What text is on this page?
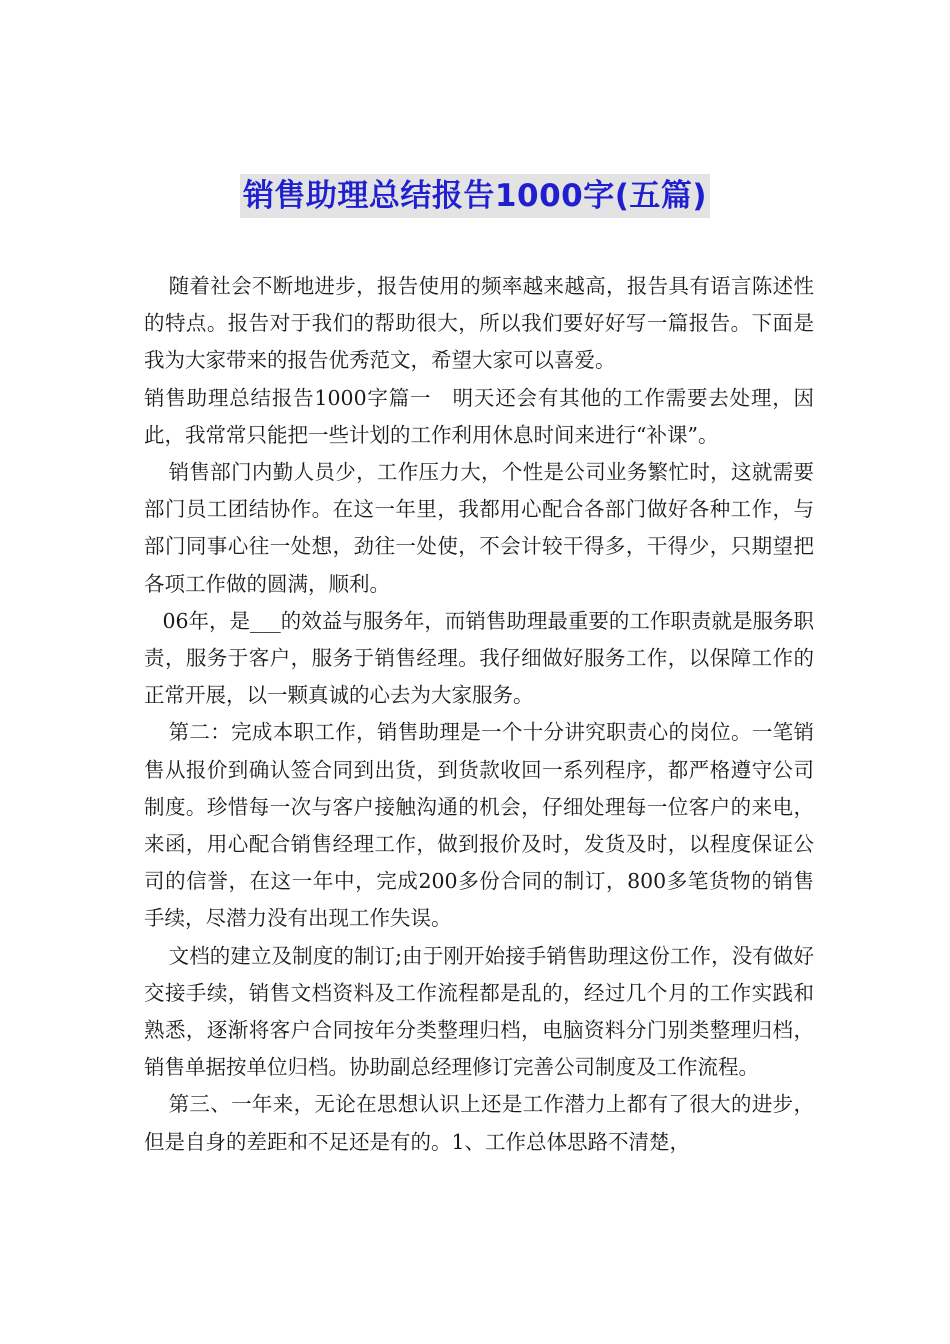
销售助理总结报告1000字(五篇)

随着社会不断地进步，报告使用的频率越来越高，报告具有语言陈述性的特点。报告对于我们的帮助很大，所以我们要好好写一篇报告。下面是我为大家带来的报告优秀范文，希望大家可以喜爱。

销售助理总结报告1000字篇一　明天还会有其他的工作需要去处理，因此，我常常只能把一些计划的工作利用休息时间来进行“补课”。

销售部门内勤人员少，工作压力大，个性是公司业务繁忙时，这就需要部门员工团结协作。在这一年里，我都用心配合各部门做好各种工作，与部门同事心往一处想，劲往一处使，不会计较干得多，干得少，只期望把各项工作做的圆满，顺利。

06年，是___的效益与服务年，而销售助理最重要的工作职责就是服务职责，服务于客户，服务于销售经理。我仔细做好服务工作，以保障工作的正常开展，以一颗真诚的心去为大家服务。

第二：完成本职工作，销售助理是一个十分讲究职责心的岗位。一笔销售从报价到确认签合同到出货，到货款收回一系列程序，都严格遵守公司制度。珍惜每一次与客户接触沟通的机会，仔细处理每一位客户的来电，来函，用心配合销售经理工作，做到报价及时，发货及时，以程度保证公司的信誉，在这一年中，完成200多份合同的制订，800多笔货物的销售手续，尽潜力没有出现工作失误。

文档的建立及制度的制订;由于刚开始接手销售助理这份工作，没有做好交接手续，销售文档资料及工作流程都是乱的，经过几个月的工作实践和熟悉，逐渐将客户合同按年分类整理归档，电脑资料分门别类整理归档，销售单据按单位归档。协助副总经理修订完善公司制度及工作流程。

第三、一年来，无论在思想认识上还是工作潜力上都有了很大的进步，但是自身的差距和不足还是有的。1、工作总体思路不清楚，
